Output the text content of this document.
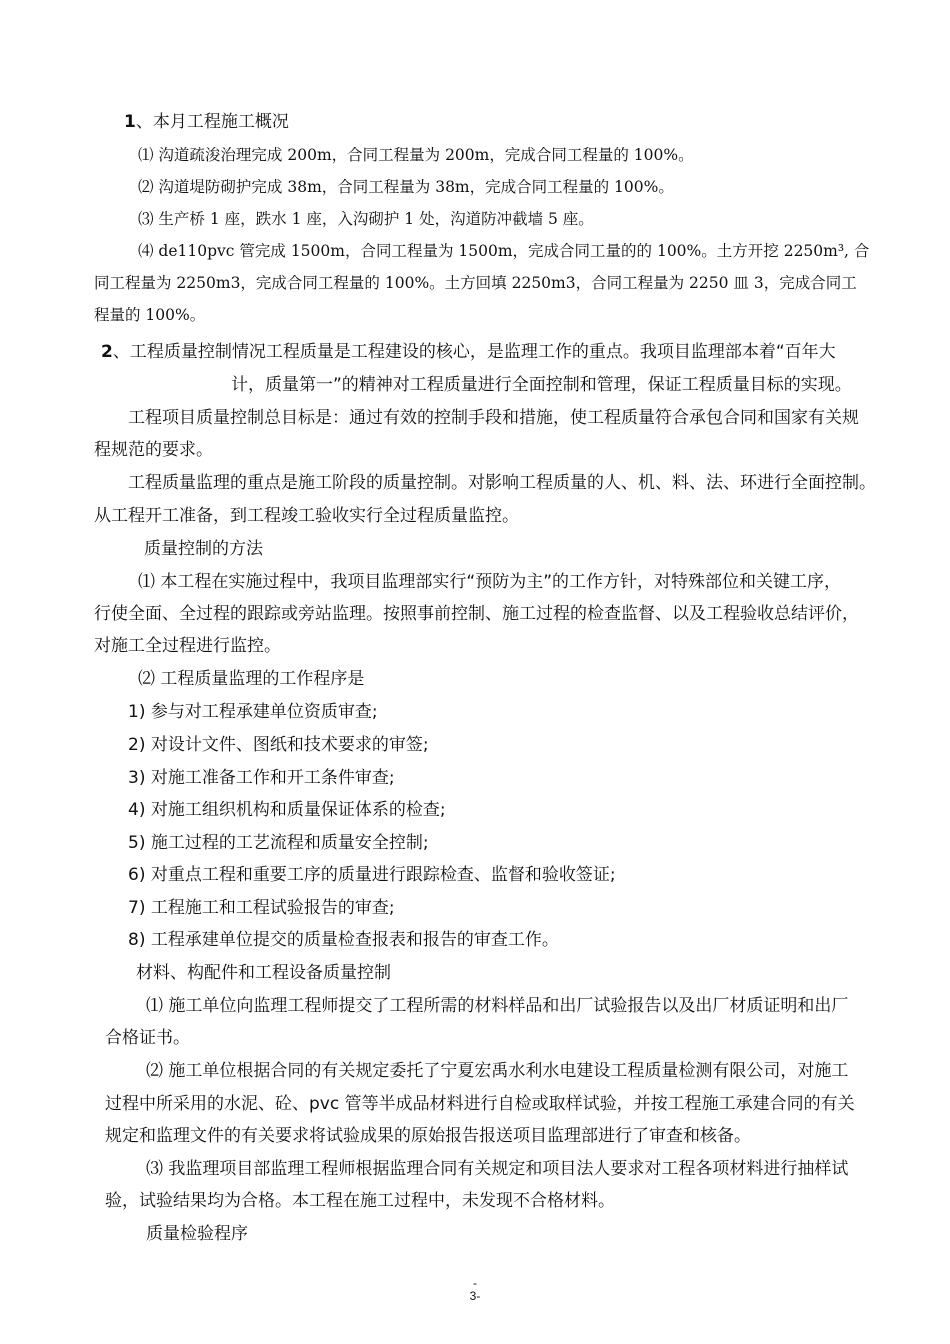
1、本月工程施工概况
⑴ 沟道疏浚治理完成 200m，合同工程量为 200m，完成合同工程量的 100%。
⑵ 沟道堤防砌护完成 38m，合同工程量为 38m，完成合同工程量的 100%。
⑶ 生产桥 1 座，跌水 1 座，入沟砌护 1 处，沟道防冲截墙 5 座。
⑷ de110pvc 管完成 1500m，合同工程量为 1500m，完成合同工量的的 100%。土方开挖 2250m³, 合
同工程量为 2250m3，完成合同工程量的 100%。土方回填 2250m3，合同工程量为 2250 皿 3，完成合同工
程量的 100%。
2、工程质量控制情况工程质量是工程建设的核心，是监理工作的重点。我项目监理部本着“百年大
计，质量第一”的精神对工程质量进行全面控制和管理，保证工程质量目标的实现。
工程项目质量控制总目标是：通过有效的控制手段和措施，使工程质量符合承包合同和国家有关规
程规范的要求。
工程质量监理的重点是施工阶段的质量控制。对影响工程质量的人、机、料、法、环进行全面控制。
从工程开工准备，到工程竣工验收实行全过程质量监控。
质量控制的方法
⑴ 本工程在实施过程中，我项目监理部实行“预防为主”的工作方针，对特殊部位和关键工序，
行使全面、全过程的跟踪或旁站监理。按照事前控制、施工过程的检查监督、以及工程验收总结评价，
对施工全过程进行监控。
⑵ 工程质量监理的工作程序是
1) 参与对工程承建单位资质审查;
2) 对设计文件、图纸和技术要求的审签;
3) 对施工准备工作和开工条件审查;
4) 对施工组织机构和质量保证体系的检查;
5) 施工过程的工艺流程和质量安全控制;
6) 对重点工程和重要工序的质量进行跟踪检查、监督和验收签证;
7) 工程施工和工程试验报告的审查;
8) 工程承建单位提交的质量检查报表和报告的审查工作。
材料、构配件和工程设备质量控制
⑴ 施工单位向监理工程师提交了工程所需的材料样品和出厂试验报告以及出厂材质证明和出厂
合格证书。
⑵ 施工单位根据合同的有关规定委托了宁夏宏禹水利水电建设工程质量检测有限公司，对施工
过程中所采用的水泥、砼、pvc 管等半成品材料进行自检或取样试验，并按工程施工承建合同的有关
规定和监理文件的有关要求将试验成果的原始报告报送项目监理部进行了审查和核备。
⑶ 我监理项目部监理工程师根据监理合同有关规定和项目法人要求对工程各项材料进行抽样试
验，试验结果均为合格。本工程在施工过程中，未发现不合格材料。
质量检验程序
-
3-
